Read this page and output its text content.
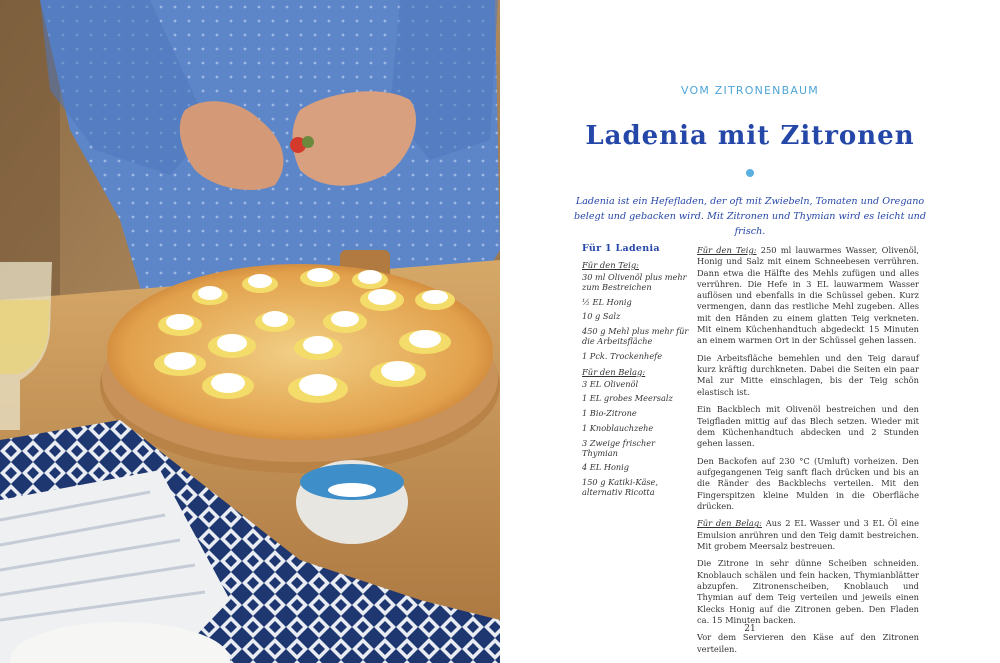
VOM ZITRONENBAUM
Ladenia mit Zitronen

Ladenia ist ein Hefefladen, der oft mit Zwiebeln, Tomaten und Oregano belegt und gebacken wird. Mit Zitronen und Thymian wird es leicht und frisch.

Für 1 Ladenia
Für den Teig:
30 ml Olivenöl plus mehr zum Bestreichen
½ EL Honig
10 g Salz
450 g Mehl plus mehr für die Arbeitsfläche
1 Pck. Trockenhefe
Für den Belag:
3 EL Olivenöl
1 EL grobes Meersalz
1 Bio-Zitrone
1 Knoblauchzehe
3 Zweige frischer Thymian
4 EL Honig
150 g Katiki-Käse, alternativ Ricotta

Für den Teig: 250 ml lauwarmes Wasser, Olivenöl, Honig und Salz mit einem Schneebesen verrühren. Dann etwa die Hälfte des Mehls zufügen und alles verrühren. Die Hefe in 3 EL lauwarmem Wasser auflösen und ebenfalls in die Schüssel geben. Kurz vermengen, dann das restliche Mehl zugeben. Alles mit den Händen zu einem glatten Teig verkneten. Mit einem Küchenhandtuch abgedeckt 15 Minuten an einem warmen Ort in der Schüssel gehen lassen.

Die Arbeitsfläche bemehlen und den Teig darauf kurz kräftig durchkneten. Dabei die Seiten ein paar Mal zur Mitte einschlagen, bis der Teig schön elastisch ist.

Ein Backblech mit Olivenöl bestreichen und den Teigfladen mittig auf das Blech setzen. Wieder mit dem Küchenhandtuch abdecken und 2 Stunden gehen lassen.

Den Backofen auf 230 °C (Umluft) vorheizen. Den aufgegangenen Teig sanft flach drücken und bis an die Ränder des Backblechs verteilen. Mit den Fingerspitzen kleine Mulden in die Oberfläche drücken.

Für den Belag: Aus 2 EL Wasser und 3 EL Öl eine Emulsion anrühren und den Teig damit bestreichen. Mit grobem Meersalz bestreuen.

Die Zitrone in sehr dünne Scheiben schneiden. Knoblauch schälen und fein hacken, Thymianblätter abzupfen. Zitronenscheiben, Knoblauch und Thymian auf dem Teig verteilen und jeweils einen Klecks Honig auf die Zitronen geben. Den Fladen ca. 15 Minuten backen.

Vor dem Servieren den Käse auf den Zitronen verteilen.

21
